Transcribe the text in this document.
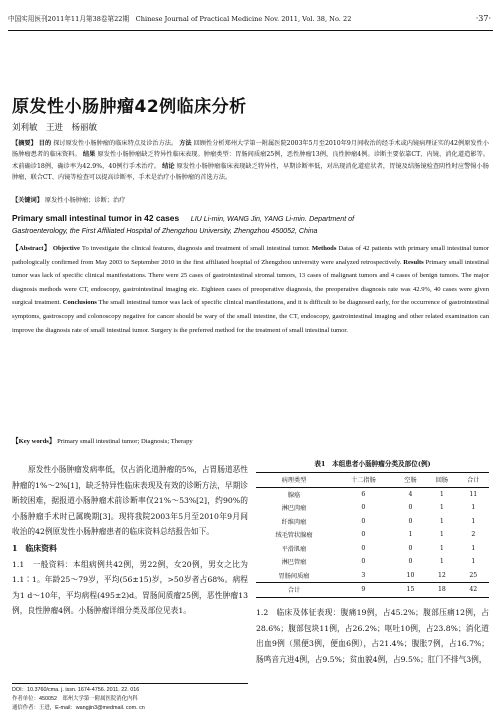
中国实用医刊2011年11月第38卷第22期　Chinese Journal of Practical Medicine Nov. 2011, Vol. 38, No. 22	·37·
原发性小肠肿瘤42例临床分析
刘利敏　王进　杨丽敏
【摘要】 目的 探讨原发性小肠肿瘤的临床特点及诊治方法。 方法 回顾性分析郑州大学第一附属医院2003年5月至2010年9月间收治的经手术或内镜病理证实的42例原发性小肠肿瘤患者的临床资料。 结果 原发性小肠肿瘤缺乏特异性临床表现。肿瘤类型：胃肠间质瘤25例，恶性肿瘤13例，良性肿瘤4例。诊断主要依靠CT、内镜、消化道造影等。术前确诊18例，确诊率为42.9%，40例行手术治疗。 结论 原发性小肠肿瘤临床表现缺乏特异性，早期诊断率低，对出现消化道症状者，胃镜及结肠镜检查阴性时应警惕小肠肿瘤，联合CT、内镜等检查可以提高诊断率，手术是治疗小肠肿瘤的首选方法。
【关键词】 原发性小肠肿瘤；诊断；治疗
Primary small intestinal tumor in 42 cases LIU Li-min, WANG Jin, YANG Li-min. Department of
Gastroenterology, the First Affiliated Hospital of Zhengzhou University, Zhengzhou 450052, China
【Abstract】 Objective To investigate the clinical features, diagnosis and treatment of small intestinal tumor. Methods Datas of 42 patients with primary small intestinal tumor pathologically confirmed from May 2003 to September 2010 in the first affiliated hospital of Zhengzhou university were analyzed retrospectively. Results Primary small intestinal tumor was lack of specific clinical manifestations. There were 25 cases of gastrointestinal stromal tumors, 13 cases of malignant tumors and 4 cases of benign tumors. The major diagnosis methods were CT, endoscopy, gastrointestinal imaging etc. Eighteen cases of preoperative diagnosis, the preoperative diagnosis rate was 42.9%, 40 cases were given surgical treatment. Conclusions The small intestinal tumor was lack of specific clinical manifestations, and it is difficult to be diagnosed early, for the occurrence of gastrointestinal symptoms, gastroscopy and colonoscopy negative for cancer should be wary of the small intestine, the CT, endoscopy, gastrointestinal imaging and other related examination can improve the diagnosis rate of small intestinal tumor. Surgery is the preferred method for the treatment of small intestinal tumor.
【Key words】 Primary small intestinal tumor; Diagnosis; Therapy

原发性小肠肿瘤发病率低，仅占消化道肿瘤的5%，占胃肠道恶性肿瘤的1%～2%[1]，缺乏特异性临床表现及有效的诊断方法，早期诊断较困难，据报道小肠肿瘤术前诊断率仅21%～53%[2]，约90%的小肠肿瘤手术时已属晚期[3]。现将我院2003年5月至2010年9月间收治的42例原发性小肠肿瘤患者的临床资料总结报告如下。

1　临床资料

1.1　一般资料：本组病例共42例，男22例，女20例，男女之比为1.1∶1。年龄25～79岁，平均(56±15)岁，>50岁者占68%。病程为1 d～10年，平均病程(495±2)d。胃肠间质瘤25例，恶性肿瘤13例，良性肿瘤4例。小肠肿瘤详细分类及部位见表1。

表1　本组患者小肠肿瘤分类及部位(例)
病理类型	十二指肠	空肠	回肠	合计
腺癌	6	4	1	11
淋巴肉瘤	0	0	1	1
纤维肉瘤	0	0	1	1
绒毛管状腺瘤	0	1	1	2
平滑肌瘤	0	0	1	1
淋巴管瘤	0	0	1	1
胃肠间质瘤	3	10	12	25
合计	9	15	18	42

1.2　临床及体征表现：腹痛19例，占45.2%；腹部压痛12例，占28.6%；腹部包块11例，占26.2%；呕吐10例，占23.8%；消化道出血9例（黑便3例，便血6例），占21.4%；腹胀7例，占16.7%；肠鸣音亢进4例，占9.5%；贫血貌4例，占9.5%；肛门不排气3例，

DOI：10.3760/cma. j. issn. 1674-4756. 2011. 22. 016
作者单位：450052　郑州大学第一附属医院消化内科
通信作者：王进，E-mail：wangjin3@medmail. com. cn
